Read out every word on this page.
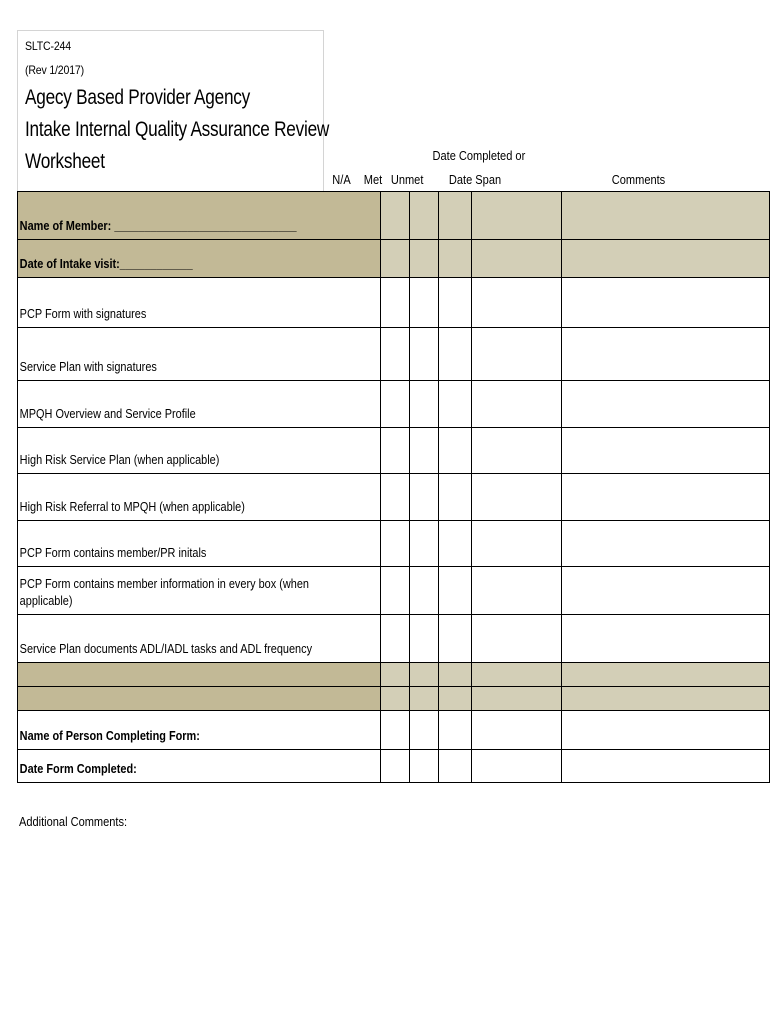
SLTC-244
(Rev 1/2017)
Agecy Based Provider Agency
Intake Internal Quality Assurance Review
Worksheet
N/A	Met Unmet
Date Completed or
Date Span	Comments
Name of Member: ______________________________					

Date of Intake visit:____________					

PCP Form with signatures					

Service Plan with signatures					

MPQH Overview and Service Profile					

High Risk Service Plan (when applicable)					

High Risk Referral to MPQH (when applicable)					

PCP Form contains member/PR initals					

PCP Form contains member information in every box (when applicable)					

Service Plan documents ADL/IADL tasks and ADL frequency					

Name of Person Completing Form:					

Date Form Completed:					

Additional Comments:
